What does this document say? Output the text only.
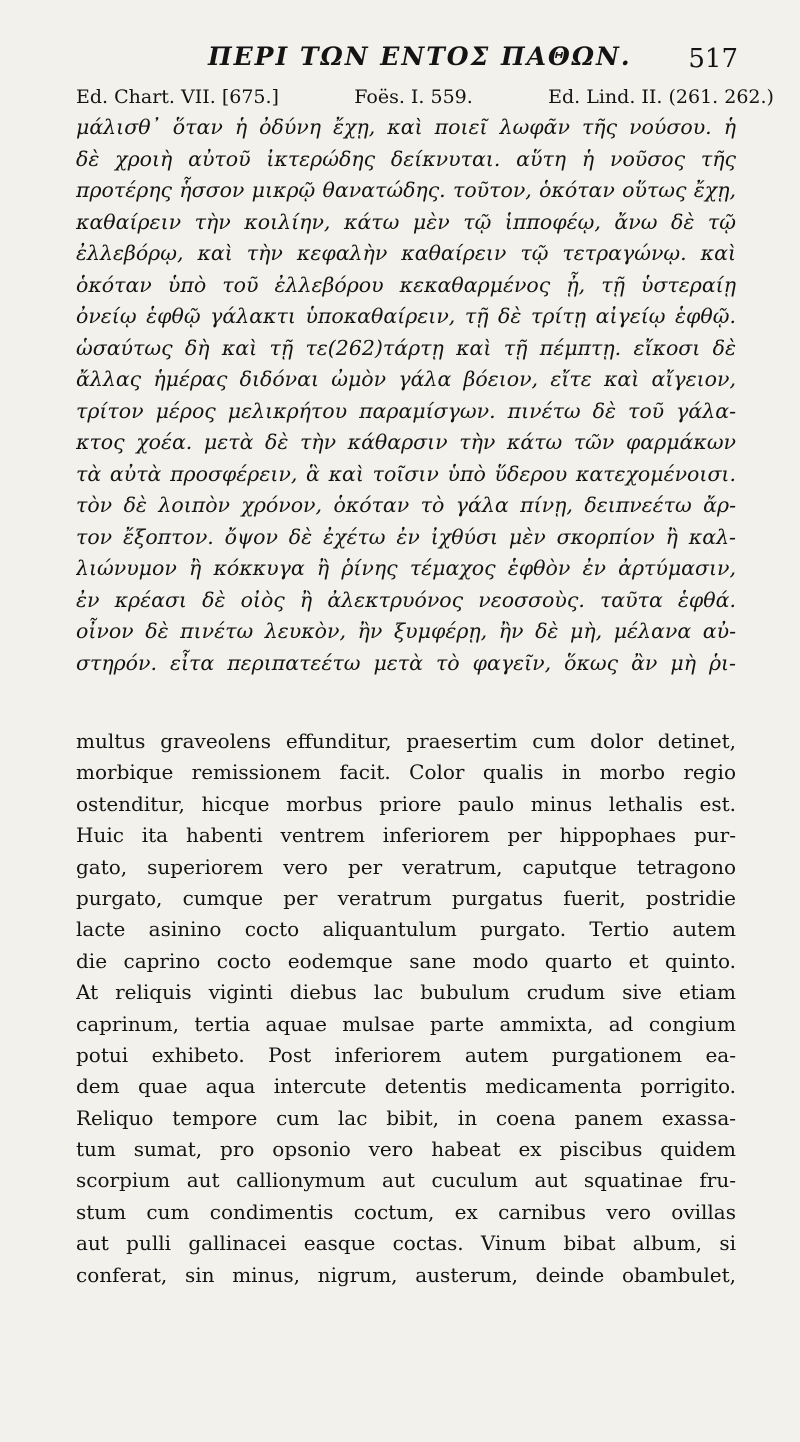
ΠΕΡΙ ΤΩΝ ΕΝΤΟΣ ΠΑΘΩΝ. 517
Ed. Chart. VII. [675.]	Foës. I. 559.	Ed. Lind. II. (261. 262.)
μάλισθ᾽ ὅταν ἡ ὀδύνη ἔχῃ, καὶ ποιεῖ λωφᾶν τῆς νούσου. ἡ
δὲ χροιὴ αὐτοῦ ἰκτερώδης δείκνυται. αὕτη ἡ νοῦσος τῆς
προτέρης ἧσσον μικρῷ θανατώδης. τοῦτον, ὁκόταν οὕτως ἔχῃ,
καθαίρειν τὴν κοιλίην, κάτω μὲν τῷ ἱπποφέῳ, ἄνω δὲ τῷ
ἐλλεβόρῳ, καὶ τὴν κεφαλὴν καθαίρειν τῷ τετραγώνῳ. καὶ
ὁκόταν ὑπὸ τοῦ ἐλλεβόρου κεκαθαρμένος ᾖ, τῇ ὑστεραίῃ
ὀνείῳ ἑφθῷ γάλακτι ὑποκαθαίρειν, τῇ δὲ τρίτῃ αἰγείῳ ἑφθῷ.
ὡσαύτως δὴ καὶ τῇ τε(262)τάρτῃ καὶ τῇ πέμπτῃ. εἴκοσι δὲ
ἄλλας ἡμέρας διδόναι ὠμὸν γάλα βόειον, εἴτε καὶ αἴγειον,
τρίτον μέρος μελικρήτου παραμίσγων. πινέτω δὲ τοῦ γάλα-
κτος χοέα. μετὰ δὲ τὴν κάθαρσιν τὴν κάτω τῶν φαρμάκων
τὰ αὐτὰ προσφέρειν, ἃ καὶ τοῖσιν ὑπὸ ὕδερου κατεχομένοισι.
τὸν δὲ λοιπὸν χρόνον, ὁκόταν τὸ γάλα πίνῃ, δειπνεέτω ἄρ-
τον ἔξοπτον. ὄψον δὲ ἐχέτω ἐν ἰχθύσι μὲν σκορπίον ἢ καλ-
λιώνυμον ἢ κόκκυγα ἢ ῥίνης τέμαχος ἑφθὸν ἐν ἀρτύμασιν,
ἐν κρέασι δὲ οἰὸς ἢ ἀλεκτρυόνος νεοσσοὺς. ταῦτα ἑφθά.
οἶνον δὲ πινέτω λευκὸν, ἢν ξυμφέρῃ, ἢν δὲ μὴ, μέλανα αὐ-
στηρόν. εἶτα περιπατεέτω μετὰ τὸ φαγεῖν, ὅκως ἂν μὴ ῥι-
multus graveolens effunditur, praesertim cum dolor detinet,
morbique remissionem facit. Color qualis in morbo regio
ostenditur, hicque morbus priore paulo minus lethalis est.
Huic ita habenti ventrem inferiorem per hippophaes pur-
gato, superiorem vero per veratrum, caputque tetragono
purgato, cumque per veratrum purgatus fuerit, postridie
lacte asinino cocto aliquantulum purgato. Tertio autem
die caprino cocto eodemque sane modo quarto et quinto.
At reliquis viginti diebus lac bubulum crudum sive etiam
caprinum, tertia aquae mulsae parte ammixta, ad congium
potui exhibeto. Post inferiorem autem purgationem ea-
dem quae aqua intercute detentis medicamenta porrigito.
Reliquo tempore cum lac bibit, in coena panem exassa-
tum sumat, pro opsonio vero habeat ex piscibus quidem
scorpium aut callionymum aut cuculum aut squatinae fru-
stum cum condimentis coctum, ex carnibus vero ovillas
aut pulli gallinacei easque coctas. Vinum bibat album, si
conferat, sin minus, nigrum, austerum, deinde obambulet,
